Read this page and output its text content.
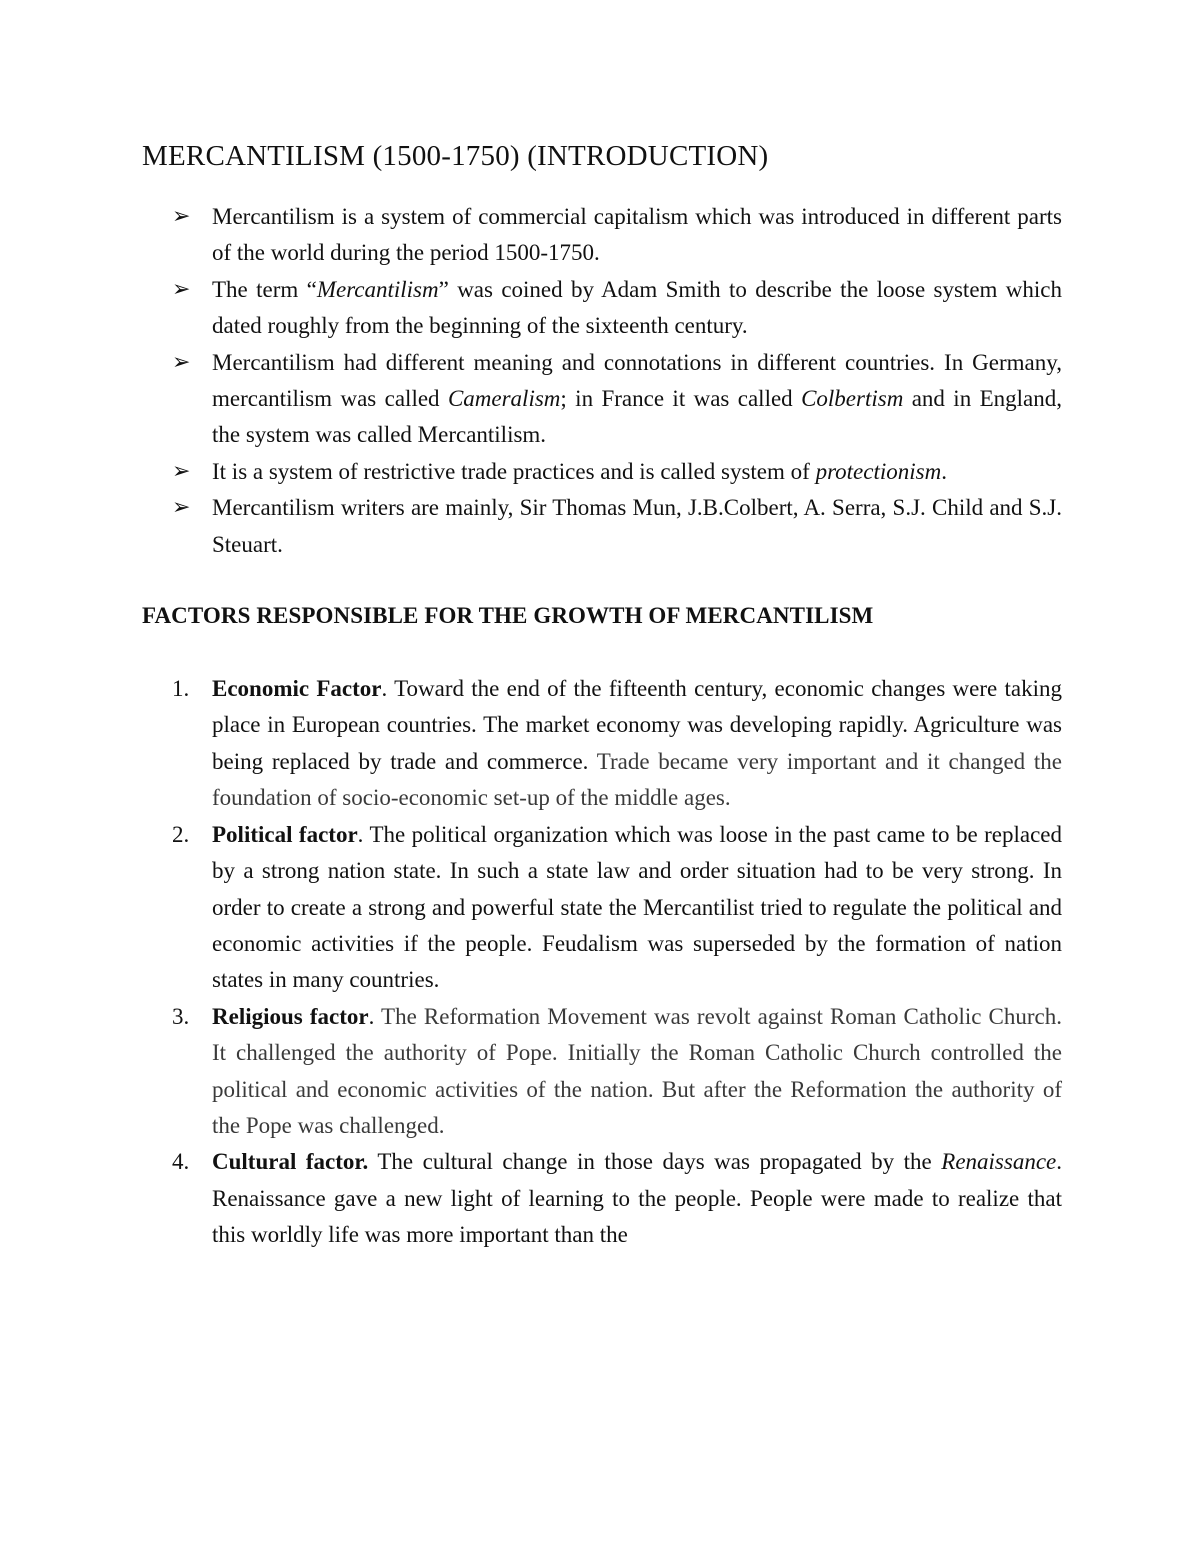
MERCANTILISM (1500-1750) (INTRODUCTION)
➢ Mercantilism is a system of commercial capitalism which was introduced in different parts of the world during the period 1500-1750.
➢ The term “Mercantilism” was coined by Adam Smith to describe the loose system which dated roughly from the beginning of the sixteenth century.
➢ Mercantilism had different meaning and connotations in different countries. In Germany, mercantilism was called Cameralism; in France it was called Colbertism and in England, the system was called Mercantilism.
➢ It is a system of restrictive trade practices and is called system of protectionism.
➢ Mercantilism writers are mainly, Sir Thomas Mun, J.B.Colbert, A. Serra, S.J. Child and S.J. Steuart.
FACTORS RESPONSIBLE FOR THE GROWTH OF MERCANTILISM
1. Economic Factor. Toward the end of the fifteenth century, economic changes were taking place in European countries. The market economy was developing rapidly. Agriculture was being replaced by trade and commerce. Trade became very important and it changed the foundation of socio-economic set-up of the middle ages.
2. Political factor. The political organization which was loose in the past came to be replaced by a strong nation state. In such a state law and order situation had to be very strong. In order to create a strong and powerful state the Mercantilist tried to regulate the political and economic activities if the people. Feudalism was superseded by the formation of nation states in many countries.
3. Religious factor. The Reformation Movement was revolt against Roman Catholic Church. It challenged the authority of Pope. Initially the Roman Catholic Church controlled the political and economic activities of the nation. But after the Reformation the authority of the Pope was challenged.
4. Cultural factor. The cultural change in those days was propagated by the Renaissance. Renaissance gave a new light of learning to the people. People were made to realize that this worldly life was more important than the
